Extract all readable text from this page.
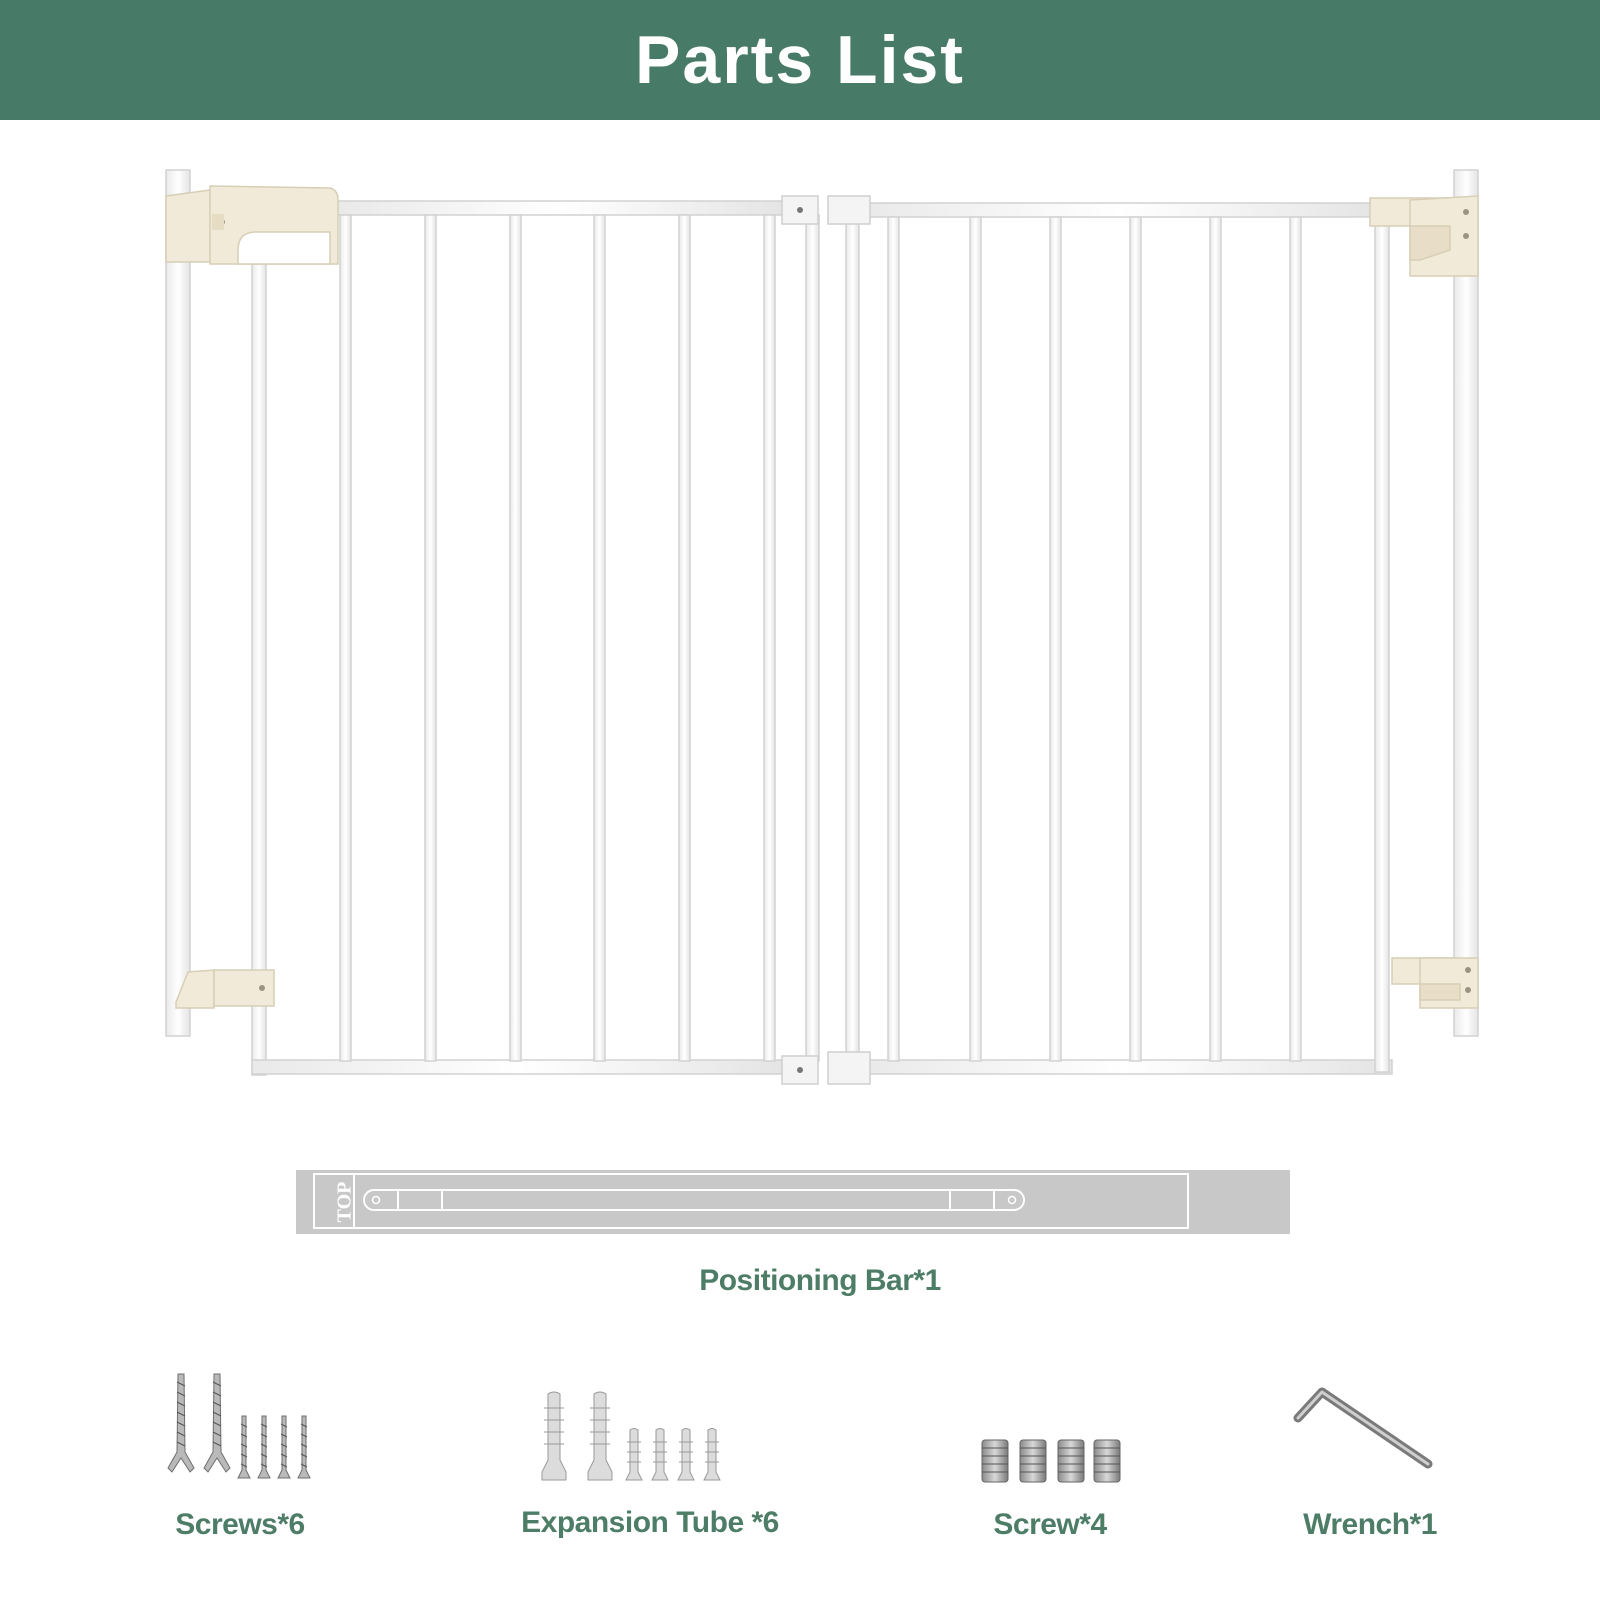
Parts List
TOP
Positioning Bar*1
Screws*6	Expansion Tube *6	Screw*4	Wrench*1
